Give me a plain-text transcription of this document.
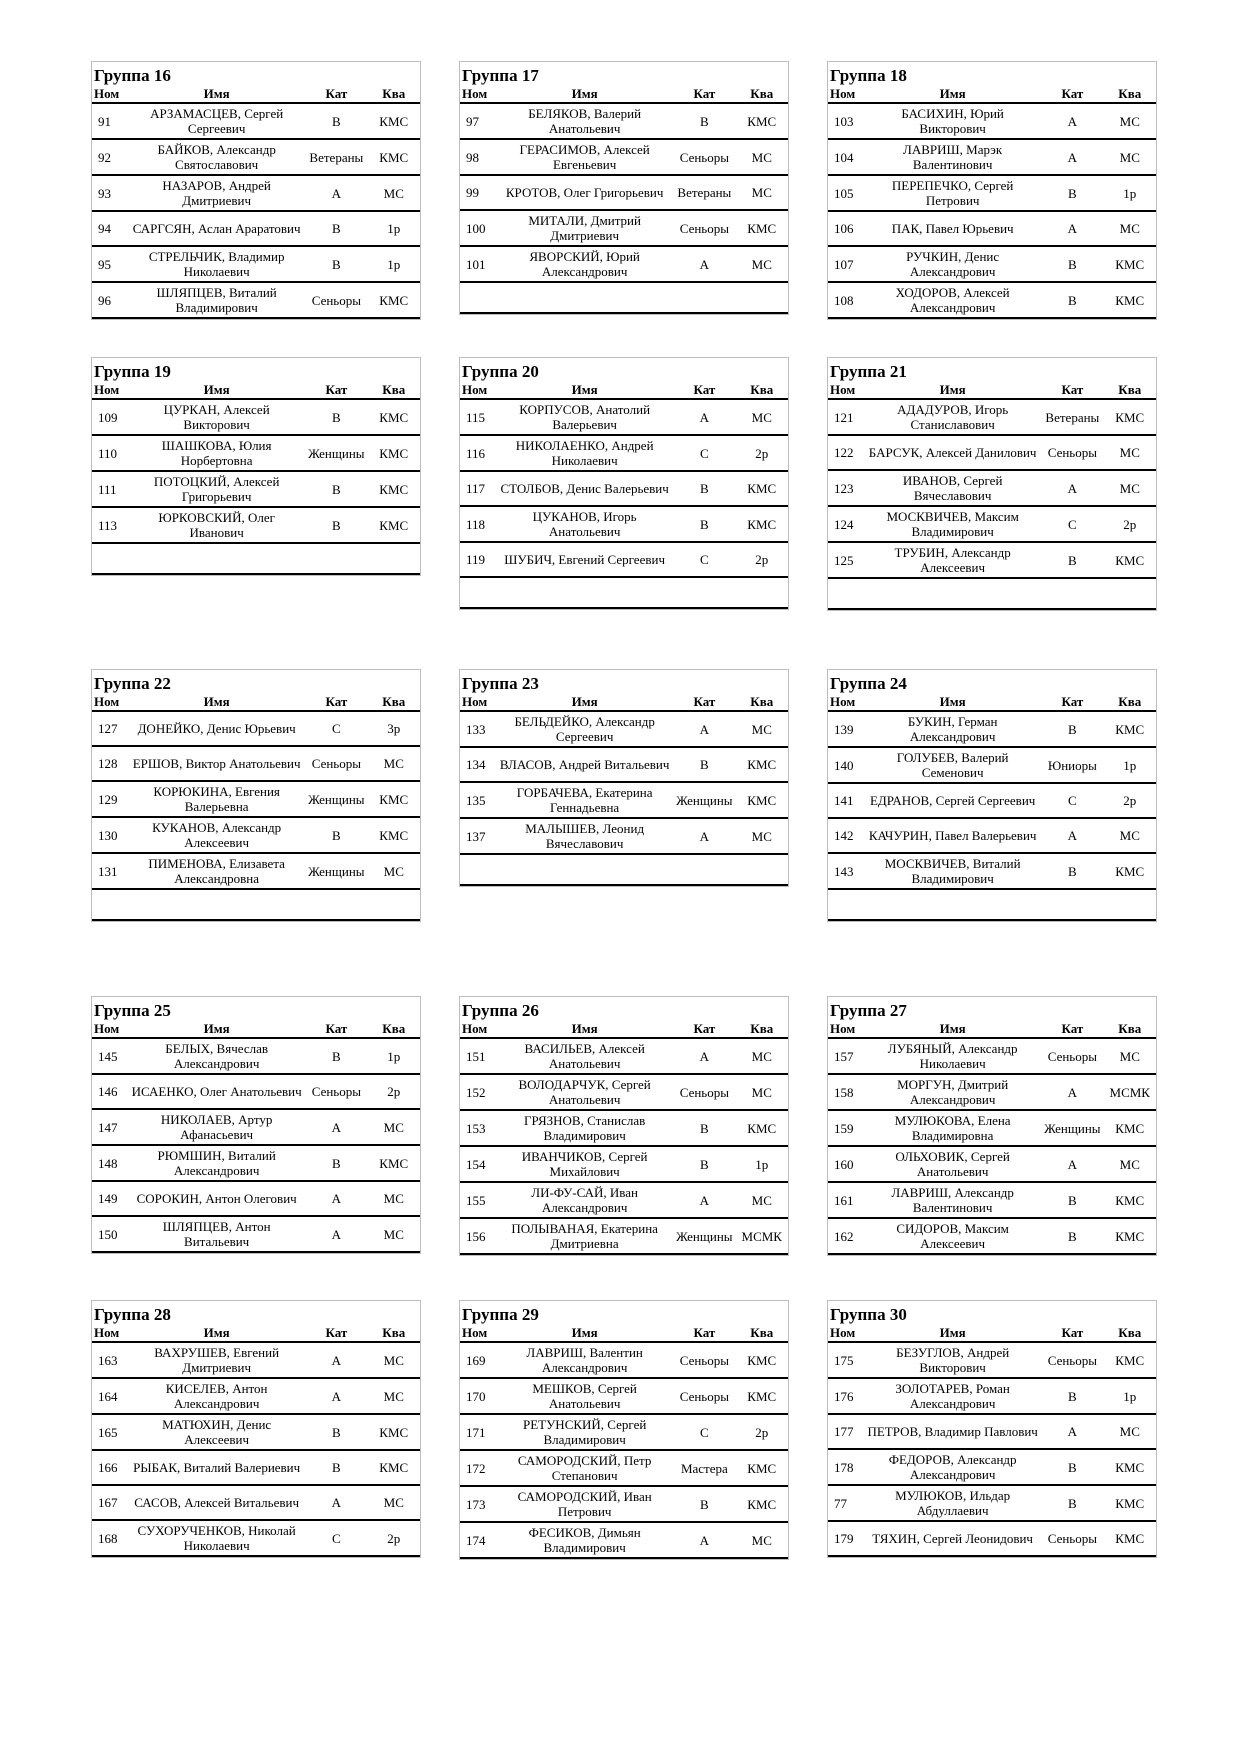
Группа 16
Ном	Имя	Кат	Ква
91	АРЗАМАСЦЕВ, Сергей Сергеевич	B	КМС
92	БАЙКОВ, Александр Святославович	Ветераны	КМС
93	НАЗАРОВ, Андрей Дмитриевич	A	МС
94	САРГСЯН, Аслан Араратович	B	1р
95	СТРЕЛЬЧИК, Владимир Николаевич	B	1р
96	ШЛЯПЦЕВ, Виталий Владимирович	Сеньоры	КМС
Группа 17
Ном	Имя	Кат	Ква
97	БЕЛЯКОВ, Валерий Анатольевич	B	КМС
98	ГЕРАСИМОВ, Алексей Евгеньевич	Сеньоры	МС
99	КРОТОВ, Олег Григорьевич	Ветераны	МС
100	МИТАЛИ, Дмитрий Дмитриевич	Сеньоры	КМС
101	ЯВОРСКИЙ, Юрий Александрович	A	МС

Группа 18
Ном	Имя	Кат	Ква
103	БАСИХИН, Юрий Викторович	A	МС
104	ЛАВРИШ, Марэк Валентинович	A	МС
105	ПЕРЕПЕЧКО, Сергей Петрович	B	1р
106	ПАК, Павел Юрьевич	A	МС
107	РУЧКИН, Денис Александрович	B	КМС
108	ХОДОРОВ, Алексей Александрович	B	КМС
Группа 19
Ном	Имя	Кат	Ква
109	ЦУРКАН, Алексей Викторович	B	КМС
110	ШАШКОВА, Юлия Норбертовна	Женщины	КМС
111	ПОТОЦКИЙ, Алексей Григорьевич	B	КМС
113	ЮРКОВСКИЙ, Олег Иванович	B	КМС

Группа 20
Ном	Имя	Кат	Ква
115	КОРПУСОВ, Анатолий Валерьевич	A	МС
116	НИКОЛАЕНКО, Андрей Николаевич	C	2р
117	СТОЛБОВ, Денис Валерьевич	B	КМС
118	ЦУКАНОВ, Игорь Анатольевич	B	КМС
119	ШУБИЧ, Евгений Сергеевич	C	2р

Группа 21
Ном	Имя	Кат	Ква
121	АДАДУРОВ, Игорь Станиславович	Ветераны	КМС
122	БАРСУК, Алексей Данилович	Сеньоры	МС
123	ИВАНОВ, Сергей Вячеславович	A	МС
124	МОСКВИЧЕВ, Максим Владимирович	C	2р
125	ТРУБИН, Александр Алексеевич	B	КМС

Группа 22
Ном	Имя	Кат	Ква
127	ДОНЕЙКО, Денис Юрьевич	C	3р
128	ЕРШОВ, Виктор Анатольевич	Сеньоры	МС
129	КОРЮКИНА, Евгения Валерьевна	Женщины	КМС
130	КУКАНОВ, Александр Алексеевич	B	КМС
131	ПИМЕНОВА, Елизавета Александровна	Женщины	МС

Группа 23
Ном	Имя	Кат	Ква
133	БЕЛЬДЕЙКО, Александр Сергеевич	A	МС
134	ВЛАСОВ, Андрей Витальевич	B	КМС
135	ГОРБАЧЕВА, Екатерина Геннадьевна	Женщины	КМС
137	МАЛЫШЕВ, Леонид Вячеславович	A	МС

Группа 24
Ном	Имя	Кат	Ква
139	БУКИН, Герман Александрович	B	КМС
140	ГОЛУБЕВ, Валерий Семенович	Юниоры	1р
141	ЕДРАНОВ, Сергей Сергеевич	C	2р
142	КАЧУРИН, Павел Валерьевич	A	МС
143	МОСКВИЧЕВ, Виталий Владимирович	B	КМС

Группа 25
Ном	Имя	Кат	Ква
145	БЕЛЫХ, Вячеслав Александрович	B	1р
146	ИСАЕНКО, Олег Анатольевич	Сеньоры	2р
147	НИКОЛАЕВ, Артур Афанасьевич	A	МС
148	РЮМШИН, Виталий Александрович	B	КМС
149	СОРОКИН, Антон Олегович	A	МС
150	ШЛЯПЦЕВ, Антон Витальевич	A	МС
Группа 26
Ном	Имя	Кат	Ква
151	ВАСИЛЬЕВ, Алексей Анатольевич	A	МС
152	ВОЛОДАРЧУК, Сергей Анатольевич	Сеньоры	МС
153	ГРЯЗНОВ, Станислав Владимирович	B	КМС
154	ИВАНЧИКОВ, Сергей Михайлович	B	1р
155	ЛИ-ФУ-САЙ, Иван Александрович	A	МС
156	ПОЛЫВАНАЯ, Екатерина Дмитриевна	Женщины	МСМК
Группа 27
Ном	Имя	Кат	Ква
157	ЛУБЯНЫЙ, Александр Николаевич	Сеньоры	МС
158	МОРГУН, Дмитрий Александрович	A	МСМК
159	МУЛЮКОВА, Елена Владимировна	Женщины	КМС
160	ОЛЬХОВИК, Сергей Анатольевич	A	МС
161	ЛАВРИШ, Александр Валентинович	B	КМС
162	СИДОРОВ, Максим Алексеевич	B	КМС
Группа 28
Ном	Имя	Кат	Ква
163	ВАХРУШЕВ, Евгений Дмитриевич	A	МС
164	КИСЕЛЕВ, Антон Александрович	A	МС
165	МАТЮХИН, Денис Алексеевич	B	КМС
166	РЫБАК, Виталий Валериевич	B	КМС
167	САСОВ, Алексей Витальевич	A	МС
168	СУХОРУЧЕНКОВ, Николай Николаевич	C	2р
Группа 29
Ном	Имя	Кат	Ква
169	ЛАВРИШ, Валентин Александрович	Сеньоры	КМС
170	МЕШКОВ, Сергей Анатольевич	Сеньоры	КМС
171	РЕТУНСКИЙ, Сергей Владимирович	C	2р
172	САМОРОДСКИЙ, Петр Степанович	Мастера	КМС
173	САМОРОДСКИЙ, Иван Петрович	B	КМС
174	ФЕСИКОВ, Димьян Владимирович	A	МС
Группа 30
Ном	Имя	Кат	Ква
175	БЕЗУГЛОВ, Андрей Викторович	Сеньоры	КМС
176	ЗОЛОТАРЕВ, Роман Александрович	B	1р
177	ПЕТРОВ, Владимир Павлович	A	МС
178	ФЕДОРОВ, Александр Александрович	B	КМС
77	МУЛЮКОВ, Ильдар Абдуллаевич	B	КМС
179	ТЯХИН, Сергей Леонидович	Сеньоры	КМС
